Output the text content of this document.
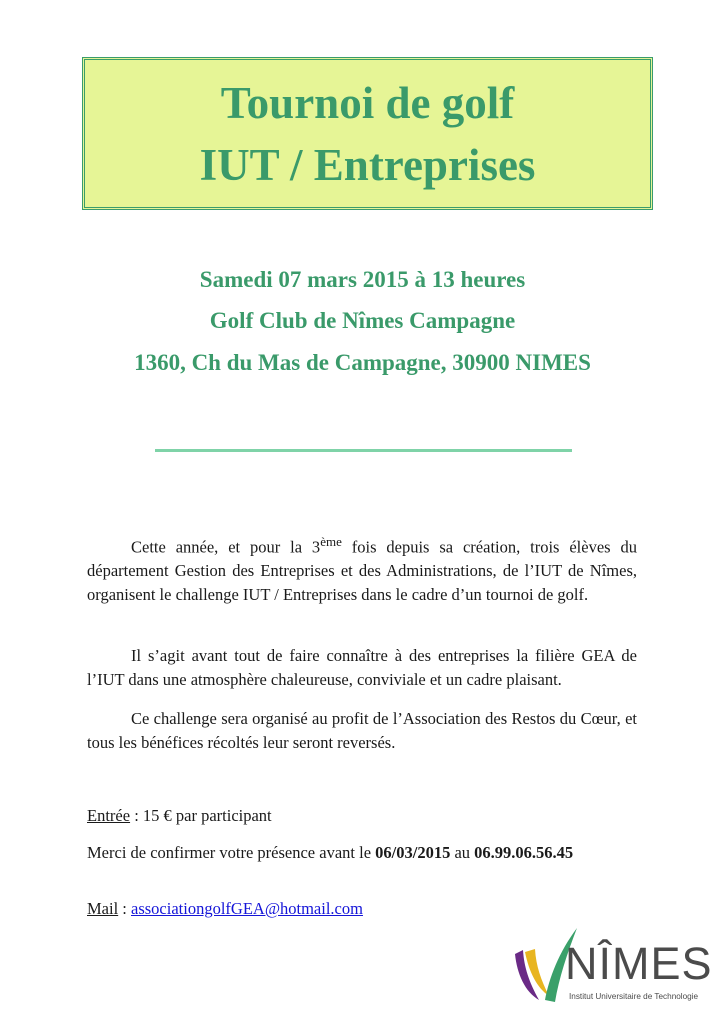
Tournoi de golf
IUT / Entreprises
Samedi 07 mars 2015 à 13 heures
Golf Club de Nîmes Campagne
1360, Ch du Mas de Campagne, 30900 NIMES

Cette année, et pour la 3ème fois depuis sa création, trois élèves du département Gestion des Entreprises et des Administrations, de l’IUT de Nîmes, organisent le challenge IUT / Entreprises dans le cadre d’un tournoi de golf.

Il s’agit avant tout de faire connaître à des entreprises la filière GEA de l’IUT dans une atmosphère chaleureuse, conviviale et un cadre plaisant.

Ce challenge sera organisé au profit de l’Association des Restos du Cœur, et tous les bénéfices récoltés leur seront reversés.

Entrée : 15 € par participant
Merci de confirmer votre présence avant le 06/03/2015 au 06.99.06.56.45
Mail : associationgolfGEA@hotmail.com
NÎMES
Institut Universitaire de Technologie
